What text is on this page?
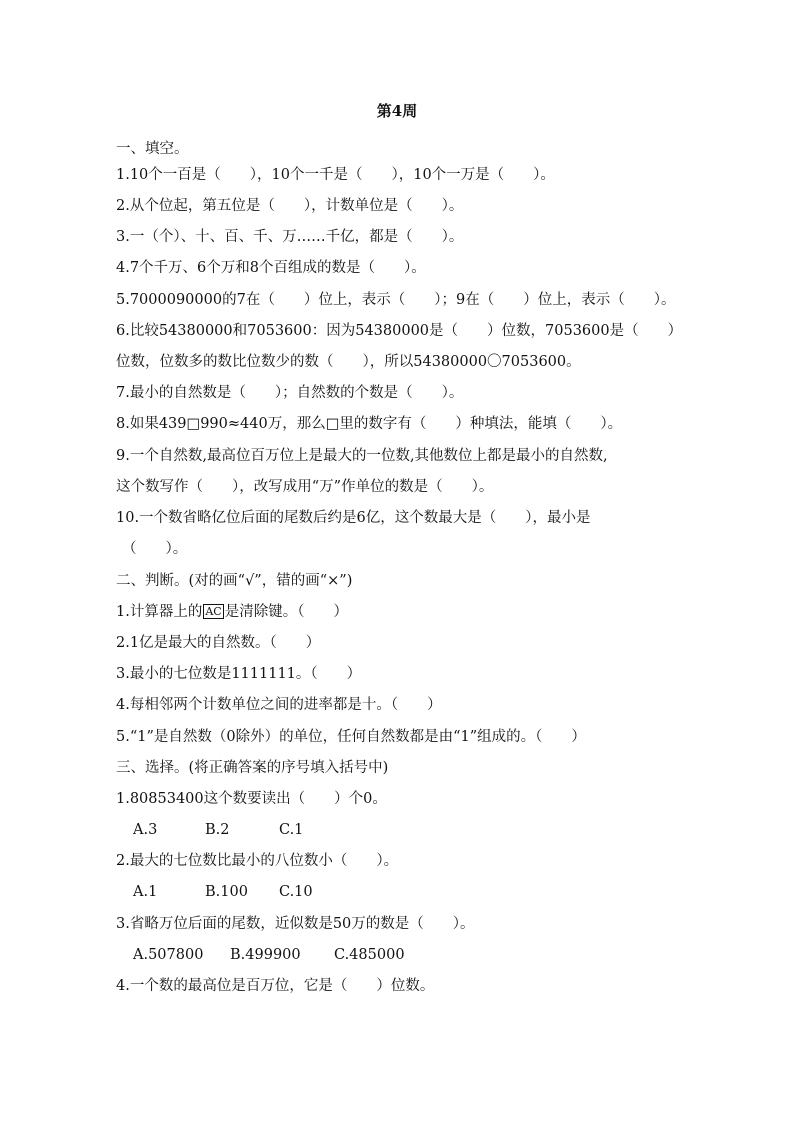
第4周
一、填空。
1.10个一百是（　　），10个一千是（　　），10个一万是（　　）。
2.从个位起，第五位是（　　），计数单位是（　　）。
3.一（个）、十、百、千、万……千亿，都是（　　）。
4.7个千万、6个万和8个百组成的数是（　　）。
5.7000090000的7在（　　）位上，表示（　　）；9在（　　）位上，表示（　　）。
6.比较54380000和7053600：因为54380000是（　　）位数，7053600是（　　）
位数，位数多的数比位数少的数（　　），所以54380000〇7053600。
7.最小的自然数是（　　）；自然数的个数是（　　）。
8.如果439□990≈440万，那么□里的数字有（　　）种填法，能填（　　）。
9.一个自然数,最高位百万位上是最大的一位数,其他数位上都是最小的自然数,
这个数写作（　　），改写成用“万”作单位的数是（　　）。
10.一个数省略亿位后面的尾数后约是6亿，这个数最大是（　　），最小是
（　　）。
二、判断。(对的画“√”，错的画“×”)
1.计算器上的 AC 是清除键。（　　）
2.1亿是最大的自然数。（　　）
3.最小的七位数是1111111。（　　）
4.每相邻两个计数单位之间的进率都是十。（　　）
5.“1”是自然数（0除外）的单位，任何自然数都是由“1”组成的。（　　）
三、选择。(将正确答案的序号填入括号中)
1.80853400这个数要读出（　　）个0。
A.3	B.2	C.1
2.最大的七位数比最小的八位数小（　　）。
A.1	B.100 C.10
3.省略万位后面的尾数，近似数是50万的数是（　　）。
A.507800 B.499900 C.485000
4.一个数的最高位是百万位，它是（　　）位数。
